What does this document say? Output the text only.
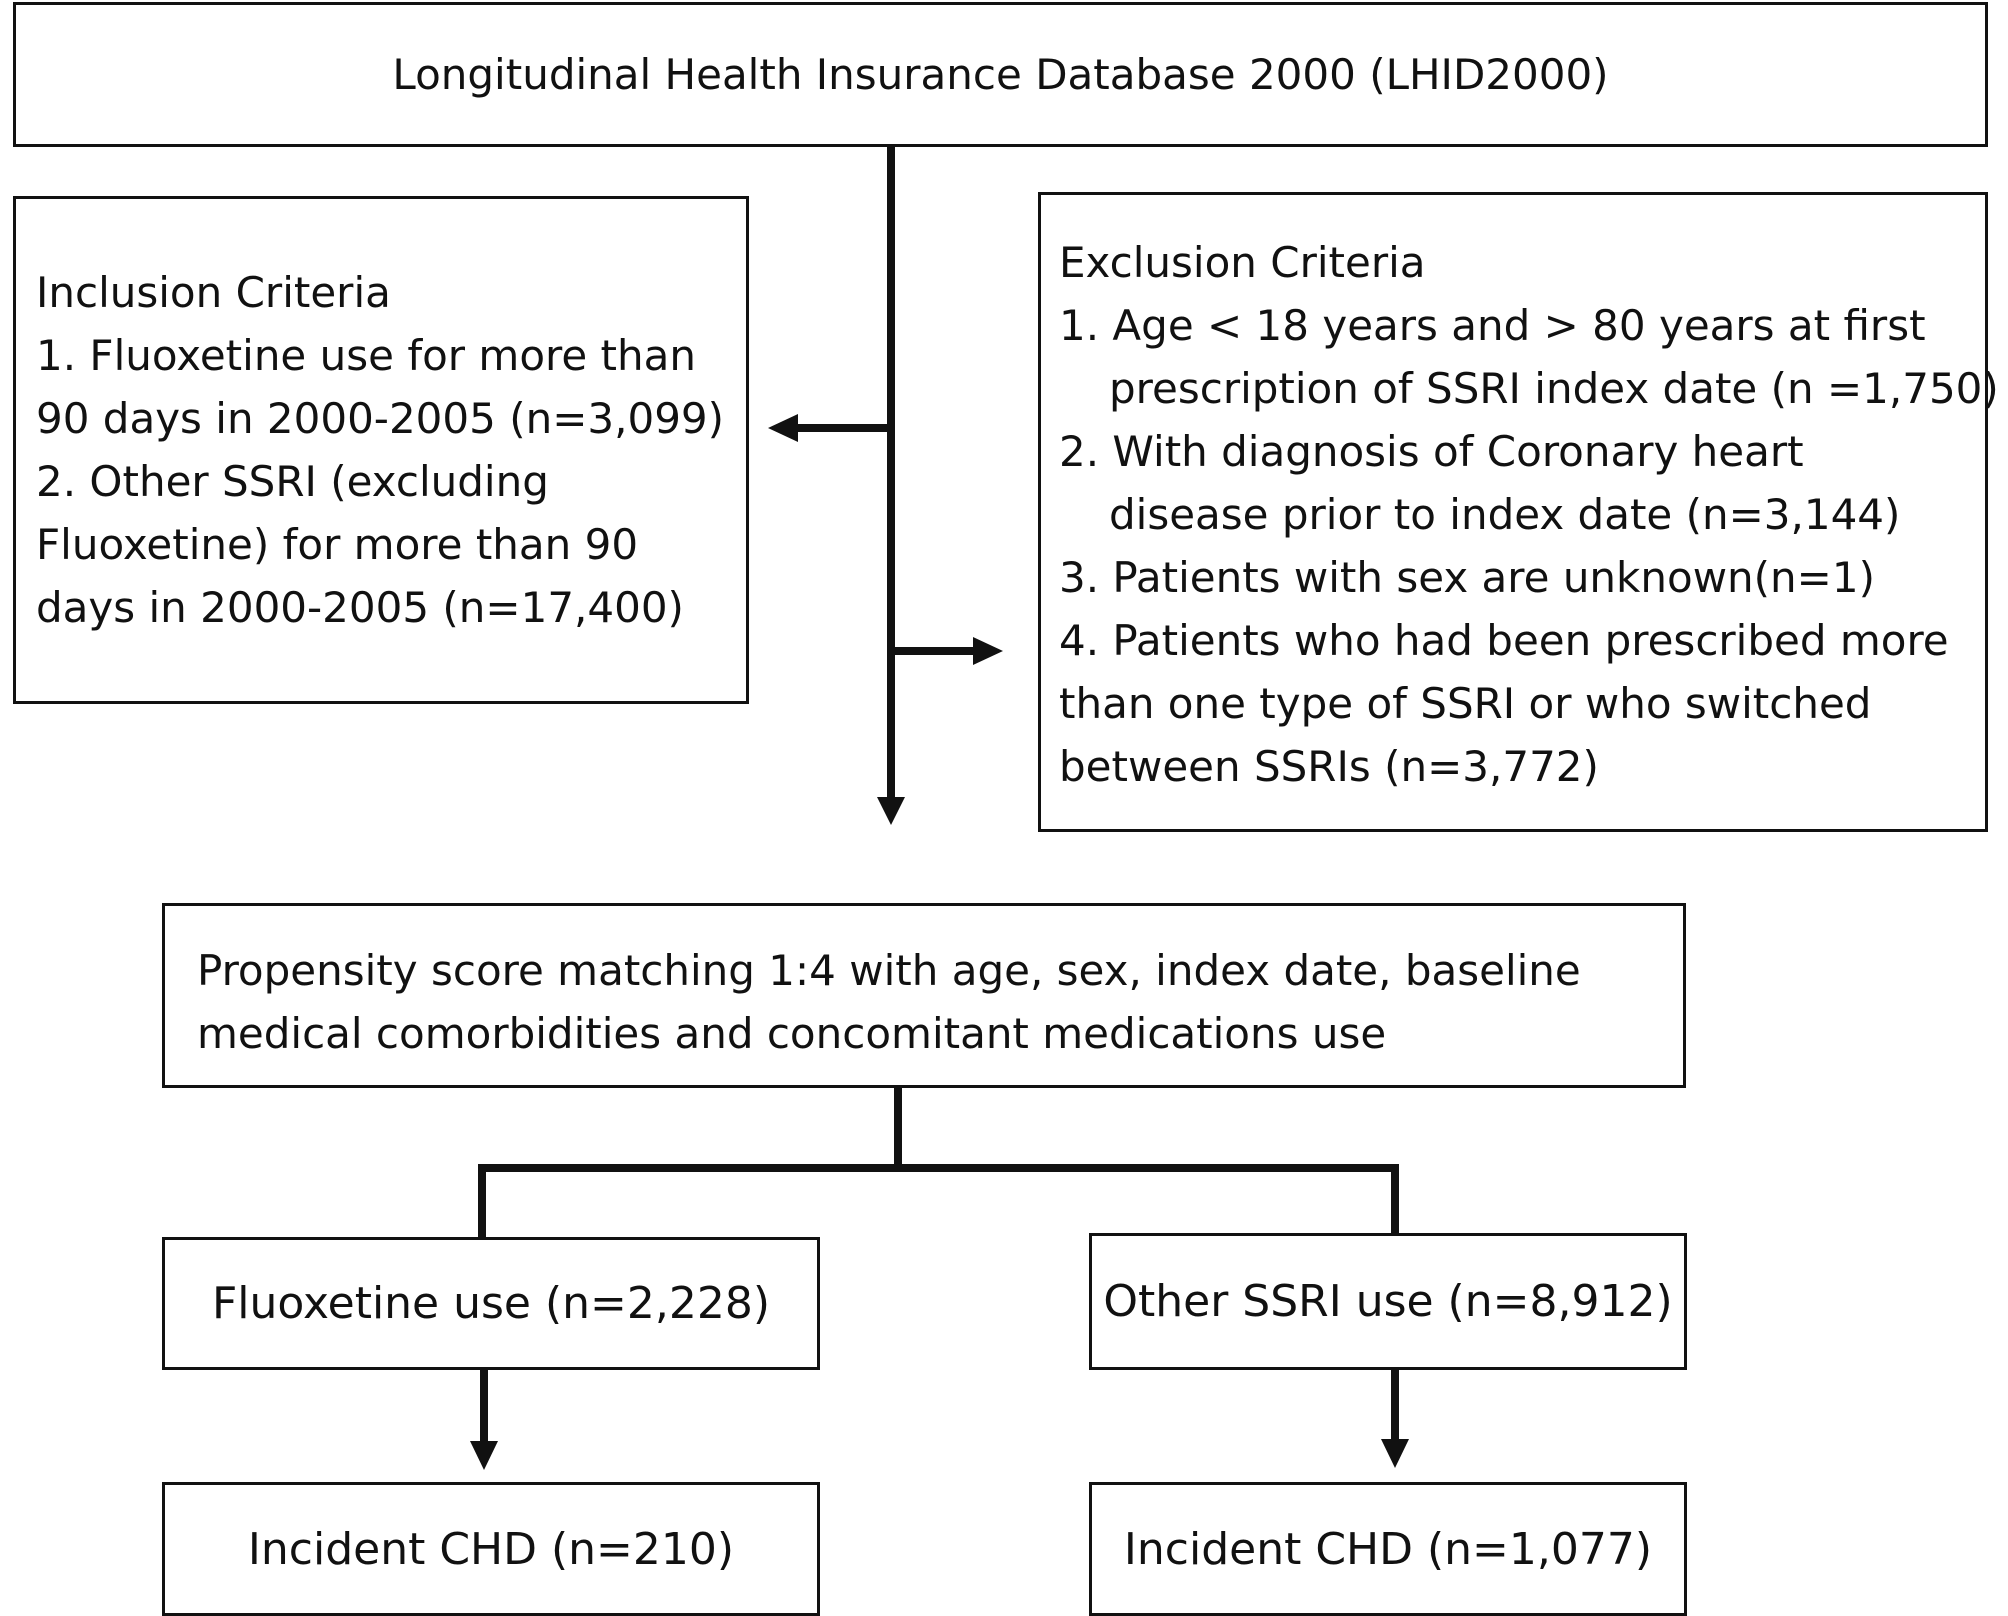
Longitudinal Health Insurance Database 2000 (LHID2000)
Inclusion Criteria
1. Fluoxetine use for more than
90 days in 2000-2005 (n=3,099)
2. Other SSRI (excluding
Fluoxetine) for more than 90
days in 2000-2005 (n=17,400)
Exclusion Criteria
1. Age < 18 years and > 80 years at first
prescription of SSRI index date (n =1,750)
2. With diagnosis of Coronary heart
disease prior to index date (n=3,144)
3. Patients with sex are unknown(n=1)
4. Patients who had been prescribed more
than one type of SSRI or who switched
between SSRIs (n=3,772)
Propensity score matching 1:4 with age, sex, index date, baseline
medical comorbidities and concomitant medications use
Fluoxetine use (n=2,228)	Other SSRI use (n=8,912)
Incident CHD (n=210)	Incident CHD (n=1,077)
